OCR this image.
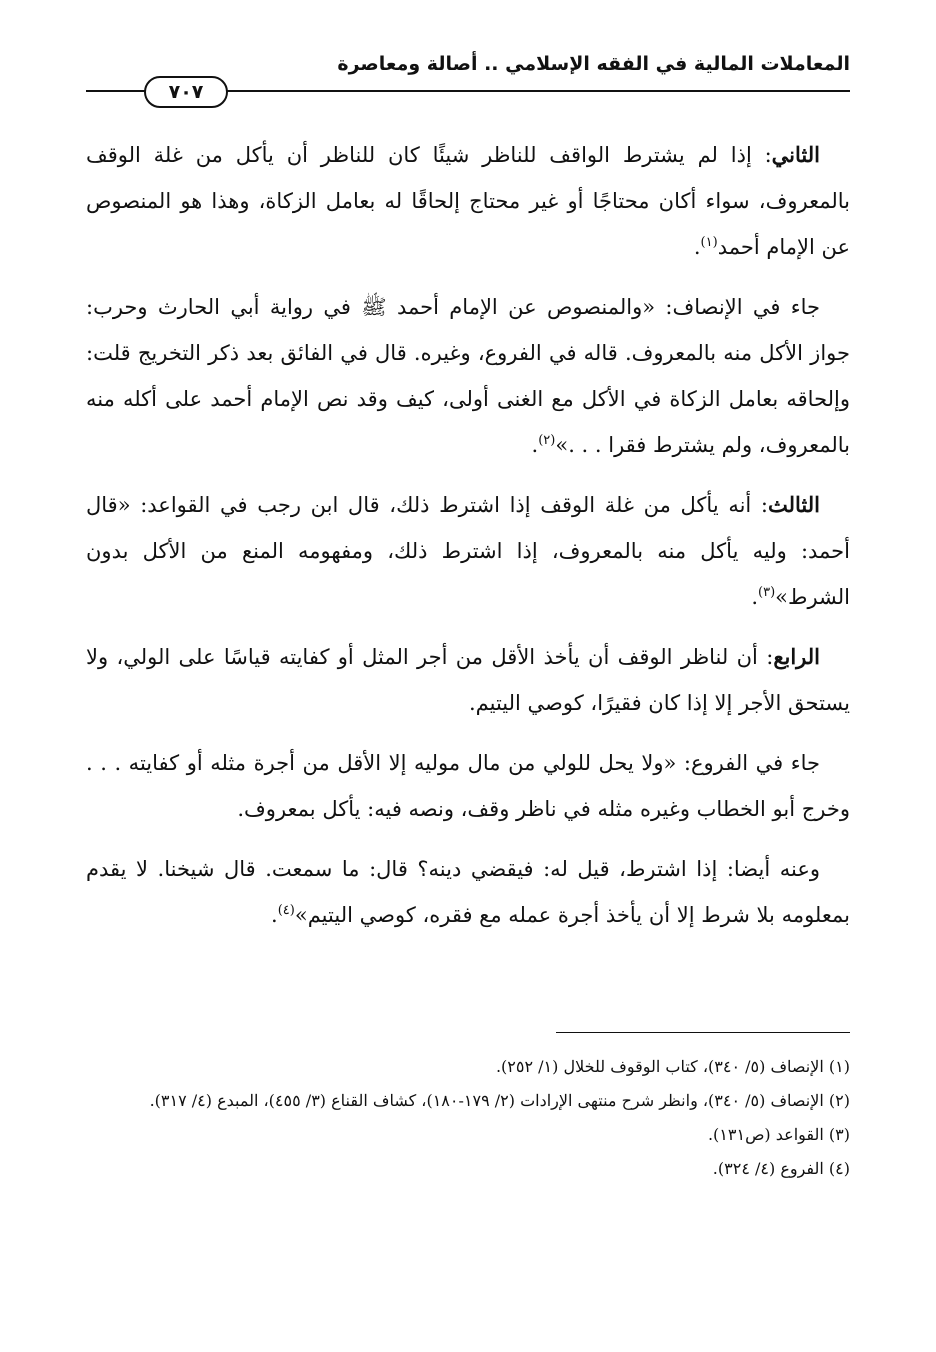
المعاملات المالية في الفقه الإسلامي .. أصالة ومعاصرة
٧٠٧

الثاني: إذا لم يشترط الواقف للناظر شيئًا كان للناظر أن يأكل من غلة الوقف بالمعروف، سواء أكان محتاجًا أو غير محتاج إلحاقًا له بعامل الزكاة، وهذا هو المنصوص عن الإمام أحمد$^{(١)}$.

جاء في الإنصاف: «والمنصوص عن الإمام أحمد ﷺ في رواية أبي الحارث وحرب: جواز الأكل منه بالمعروف. قاله في الفروع، وغيره. قال في الفائق بعد ذكر التخريج قلت: وإلحاقه بعامل الزكاة في الأكل مع الغنى أولى، كيف وقد نص الإمام أحمد على أكله منه بالمعروف، ولم يشترط فقرا . . .»$^{(٢)}$.

الثالث: أنه يأكل من غلة الوقف إذا اشترط ذلك، قال ابن رجب في القواعد: «قال أحمد: وليه يأكل منه بالمعروف، إذا اشترط ذلك، ومفهومه المنع من الأكل بدون الشرط»$^{(٣)}$.

الرابع: أن لناظر الوقف أن يأخذ الأقل من أجر المثل أو كفايته قياسًا على الولي، ولا يستحق الأجر إلا إذا كان فقيرًا، كوصي اليتيم.

جاء في الفروع: «ولا يحل للولي من مال موليه إلا الأقل من أجرة مثله أو كفايته . . . وخرج أبو الخطاب وغيره مثله في ناظر وقف، ونصه فيه: يأكل بمعروف.

وعنه أيضا: إذا اشترط، قيل له: فيقضي دينه؟ قال: ما سمعت. قال شيخنا. لا يقدم بمعلومه بلا شرط إلا أن يأخذ أجرة عمله مع فقره، كوصي اليتيم»$^{(٤)}$.

(١) الإنصاف (٥/ ٣٤٠)، كتاب الوقوف للخلال (١/ ٢٥٢).

(٢) الإنصاف (٥/ ٣٤٠)، وانظر شرح منتهى الإرادات (٢/ ١٧٩-١٨٠)، كشاف القناع (٣/ ٤٥٥)، المبدع (٤/ ٣١٧).

(٣) القواعد (ص١٣١).

(٤) الفروع (٤/ ٣٢٤).
